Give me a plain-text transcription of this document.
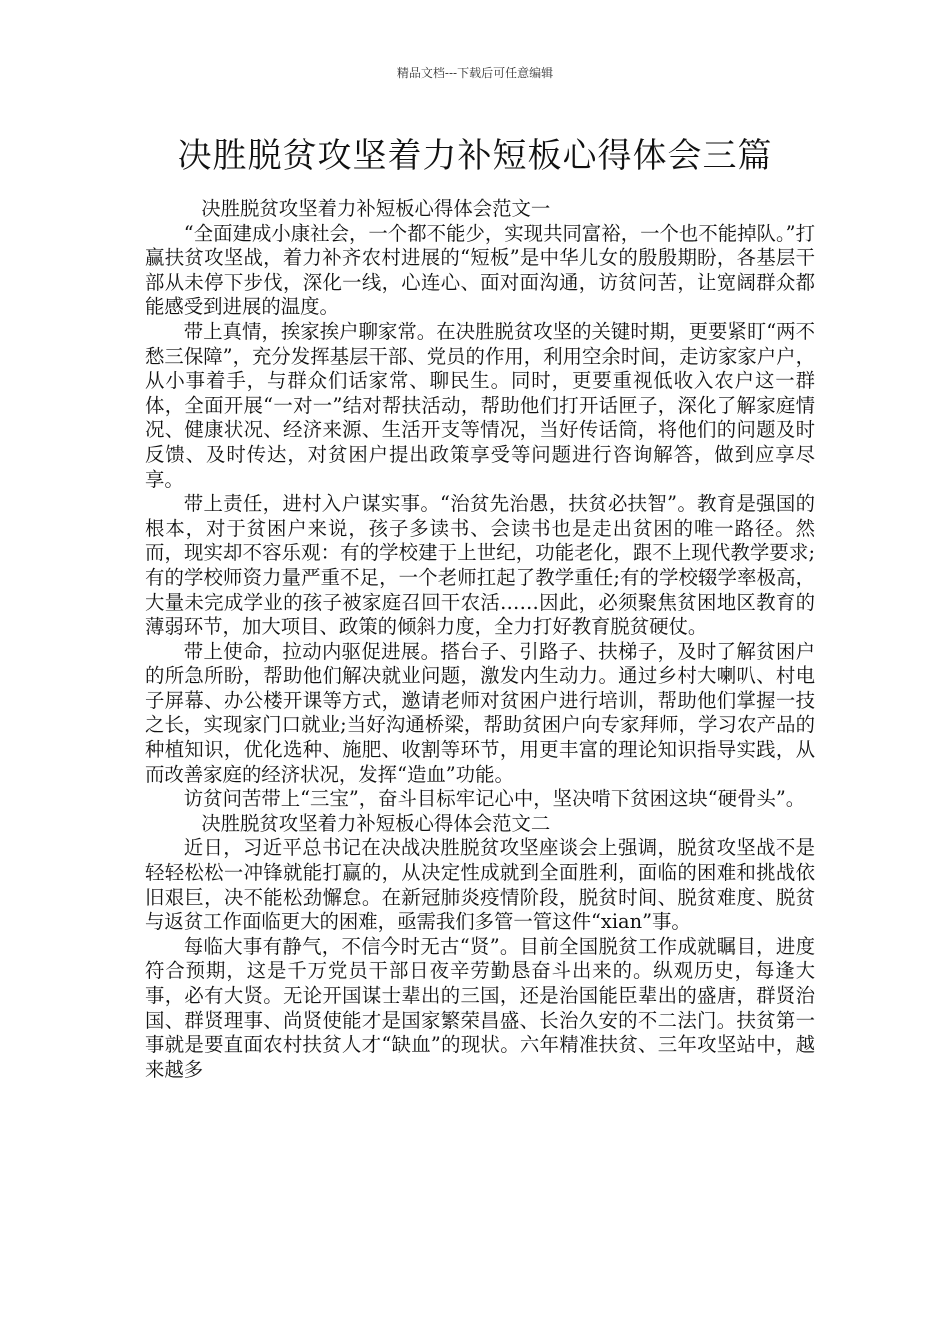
精品文档---下载后可任意编辑
决胜脱贫攻坚着力补短板心得体会三篇

决胜脱贫攻坚着力补短板心得体会范文一

“全面建成小康社会，一个都不能少，实现共同富裕，一个也不能掉队。”打赢扶贫攻坚战，着力补齐农村进展的“短板”是中华儿女的殷殷期盼，各基层干部从未停下步伐，深化一线，心连心、面对面沟通，访贫问苦，让宽阔群众都能感受到进展的温度。

带上真情，挨家挨户聊家常。在决胜脱贫攻坚的关键时期，更要紧盯“两不愁三保障”，充分发挥基层干部、党员的作用，利用空余时间，走访家家户户，从小事着手，与群众们话家常、聊民生。同时，更要重视低收入农户这一群体，全面开展“一对一”结对帮扶活动，帮助他们打开话匣子，深化了解家庭情况、健康状况、经济来源、生活开支等情况，当好传话筒，将他们的问题及时反馈、及时传达，对贫困户提出政策享受等问题进行咨询解答，做到应享尽享。

带上责任，进村入户谋实事。“治贫先治愚，扶贫必扶智”。教育是强国的根本，对于贫困户来说，孩子多读书、会读书也是走出贫困的唯一路径。然而，现实却不容乐观：有的学校建于上世纪，功能老化，跟不上现代教学要求;有的学校师资力量严重不足，一个老师扛起了教学重任;有的学校辍学率极高，大量未完成学业的孩子被家庭召回干农活……因此，必须聚焦贫困地区教育的薄弱环节，加大项目、政策的倾斜力度，全力打好教育脱贫硬仗。

带上使命，拉动内驱促进展。搭台子、引路子、扶梯子，及时了解贫困户的所急所盼，帮助他们解决就业问题，激发内生动力。通过乡村大喇叭、村电子屏幕、办公楼开课等方式，邀请老师对贫困户进行培训，帮助他们掌握一技之长，实现家门口就业;当好沟通桥梁，帮助贫困户向专家拜师，学习农产品的种植知识，优化选种、施肥、收割等环节，用更丰富的理论知识指导实践，从而改善家庭的经济状况，发挥“造血”功能。

访贫问苦带上“三宝”，奋斗目标牢记心中，坚决啃下贫困这块“硬骨头”。

决胜脱贫攻坚着力补短板心得体会范文二

近日，习近平总书记在决战决胜脱贫攻坚座谈会上强调，脱贫攻坚战不是轻轻松松一冲锋就能打赢的，从决定性成就到全面胜利，面临的困难和挑战依旧艰巨，决不能松劲懈怠。在新冠肺炎疫情阶段，脱贫时间、脱贫难度、脱贫与返贫工作面临更大的困难，亟需我们多管一管这件“xian”事。

每临大事有静气，不信今时无古“贤”。目前全国脱贫工作成就瞩目，进度符合预期，这是千万党员干部日夜辛劳勤恳奋斗出来的。纵观历史，每逢大事，必有大贤。无论开国谋士辈出的三国，还是治国能臣辈出的盛唐，群贤治国、群贤理事、尚贤使能才是国家繁荣昌盛、长治久安的不二法门。扶贫第一事就是要直面农村扶贫人才“缺血”的现状。六年精准扶贫、三年攻坚站中，越来越多
